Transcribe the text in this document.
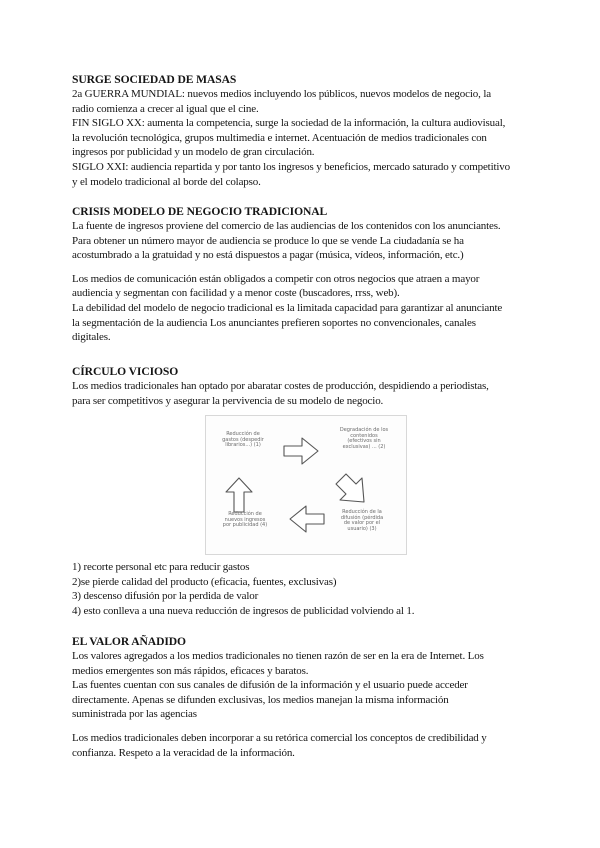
SURGE SOCIEDAD DE MASAS

2a GUERRA MUNDIAL: nuevos medios incluyendo los públicos, nuevos modelos de negocio, la

radio comienza a crecer al igual que el cine.

FIN SIGLO XX: aumenta la competencia, surge la sociedad de la información, la cultura audiovisual,

la revolución tecnológica, grupos multimedia e internet. Acentuación de medios tradicionales con

ingresos por publicidad y un modelo de gran circulación.

SIGLO XXI: audiencia repartida y por tanto los ingresos y beneficios, mercado saturado y competitivo

y el modelo tradicional al borde del colapso.

CRISIS MODELO DE NEGOCIO TRADICIONAL

La fuente de ingresos proviene del comercio de las audiencias de los contenidos con los anunciantes.

Para obtener un número mayor de audiencia se produce lo que se vende La ciudadanía se ha

acostumbrado a la gratuidad y no está dispuestos a pagar (música, vídeos, información, etc.)

Los medios de comunicación están obligados a competir con otros negocios que atraen a mayor

audiencia y segmentan con facilidad y a menor coste (buscadores, rrss, web).

La debilidad del modelo de negocio tradicional es la limitada capacidad para garantizar al anunciante

la segmentación de la audiencia Los anunciantes prefieren soportes no convencionales, canales

digitales.

CÍRCULO VICIOSO

Los medios tradicionales han optado por abaratar costes de producción, despidiendo a periodistas,

para ser competitivos y asegurar la pervivencia de su modelo de negocio.

Reducción de
gastos (despedir
librarios...) (1)
Degradación de los
contenidos
(efectivos sin
exclusivas) ... (2)
Reducción de la
difusión (pérdida
de valor por el
usuario) (3)
Reducción de
nuevos ingresos
por publicidad (4)

1) recorte personal etc para reducir gastos

2)se pierde calidad del producto (eficacia, fuentes, exclusivas)

3) descenso difusión por la perdida de valor

4) esto conlleva a una nueva reducción de ingresos de publicidad volviendo al 1.

EL VALOR AÑADIDO

Los valores agregados a los medios tradicionales no tienen razón de ser en la era de Internet. Los

medios emergentes son más rápidos, eficaces y baratos.

Las fuentes cuentan con sus canales de difusión de la información y el usuario puede acceder

directamente. Apenas se difunden exclusivas, los medios manejan la misma información

suministrada por las agencias

Los medios tradicionales deben incorporar a su retórica comercial los conceptos de credibilidad y

confianza. Respeto a la veracidad de la información.
